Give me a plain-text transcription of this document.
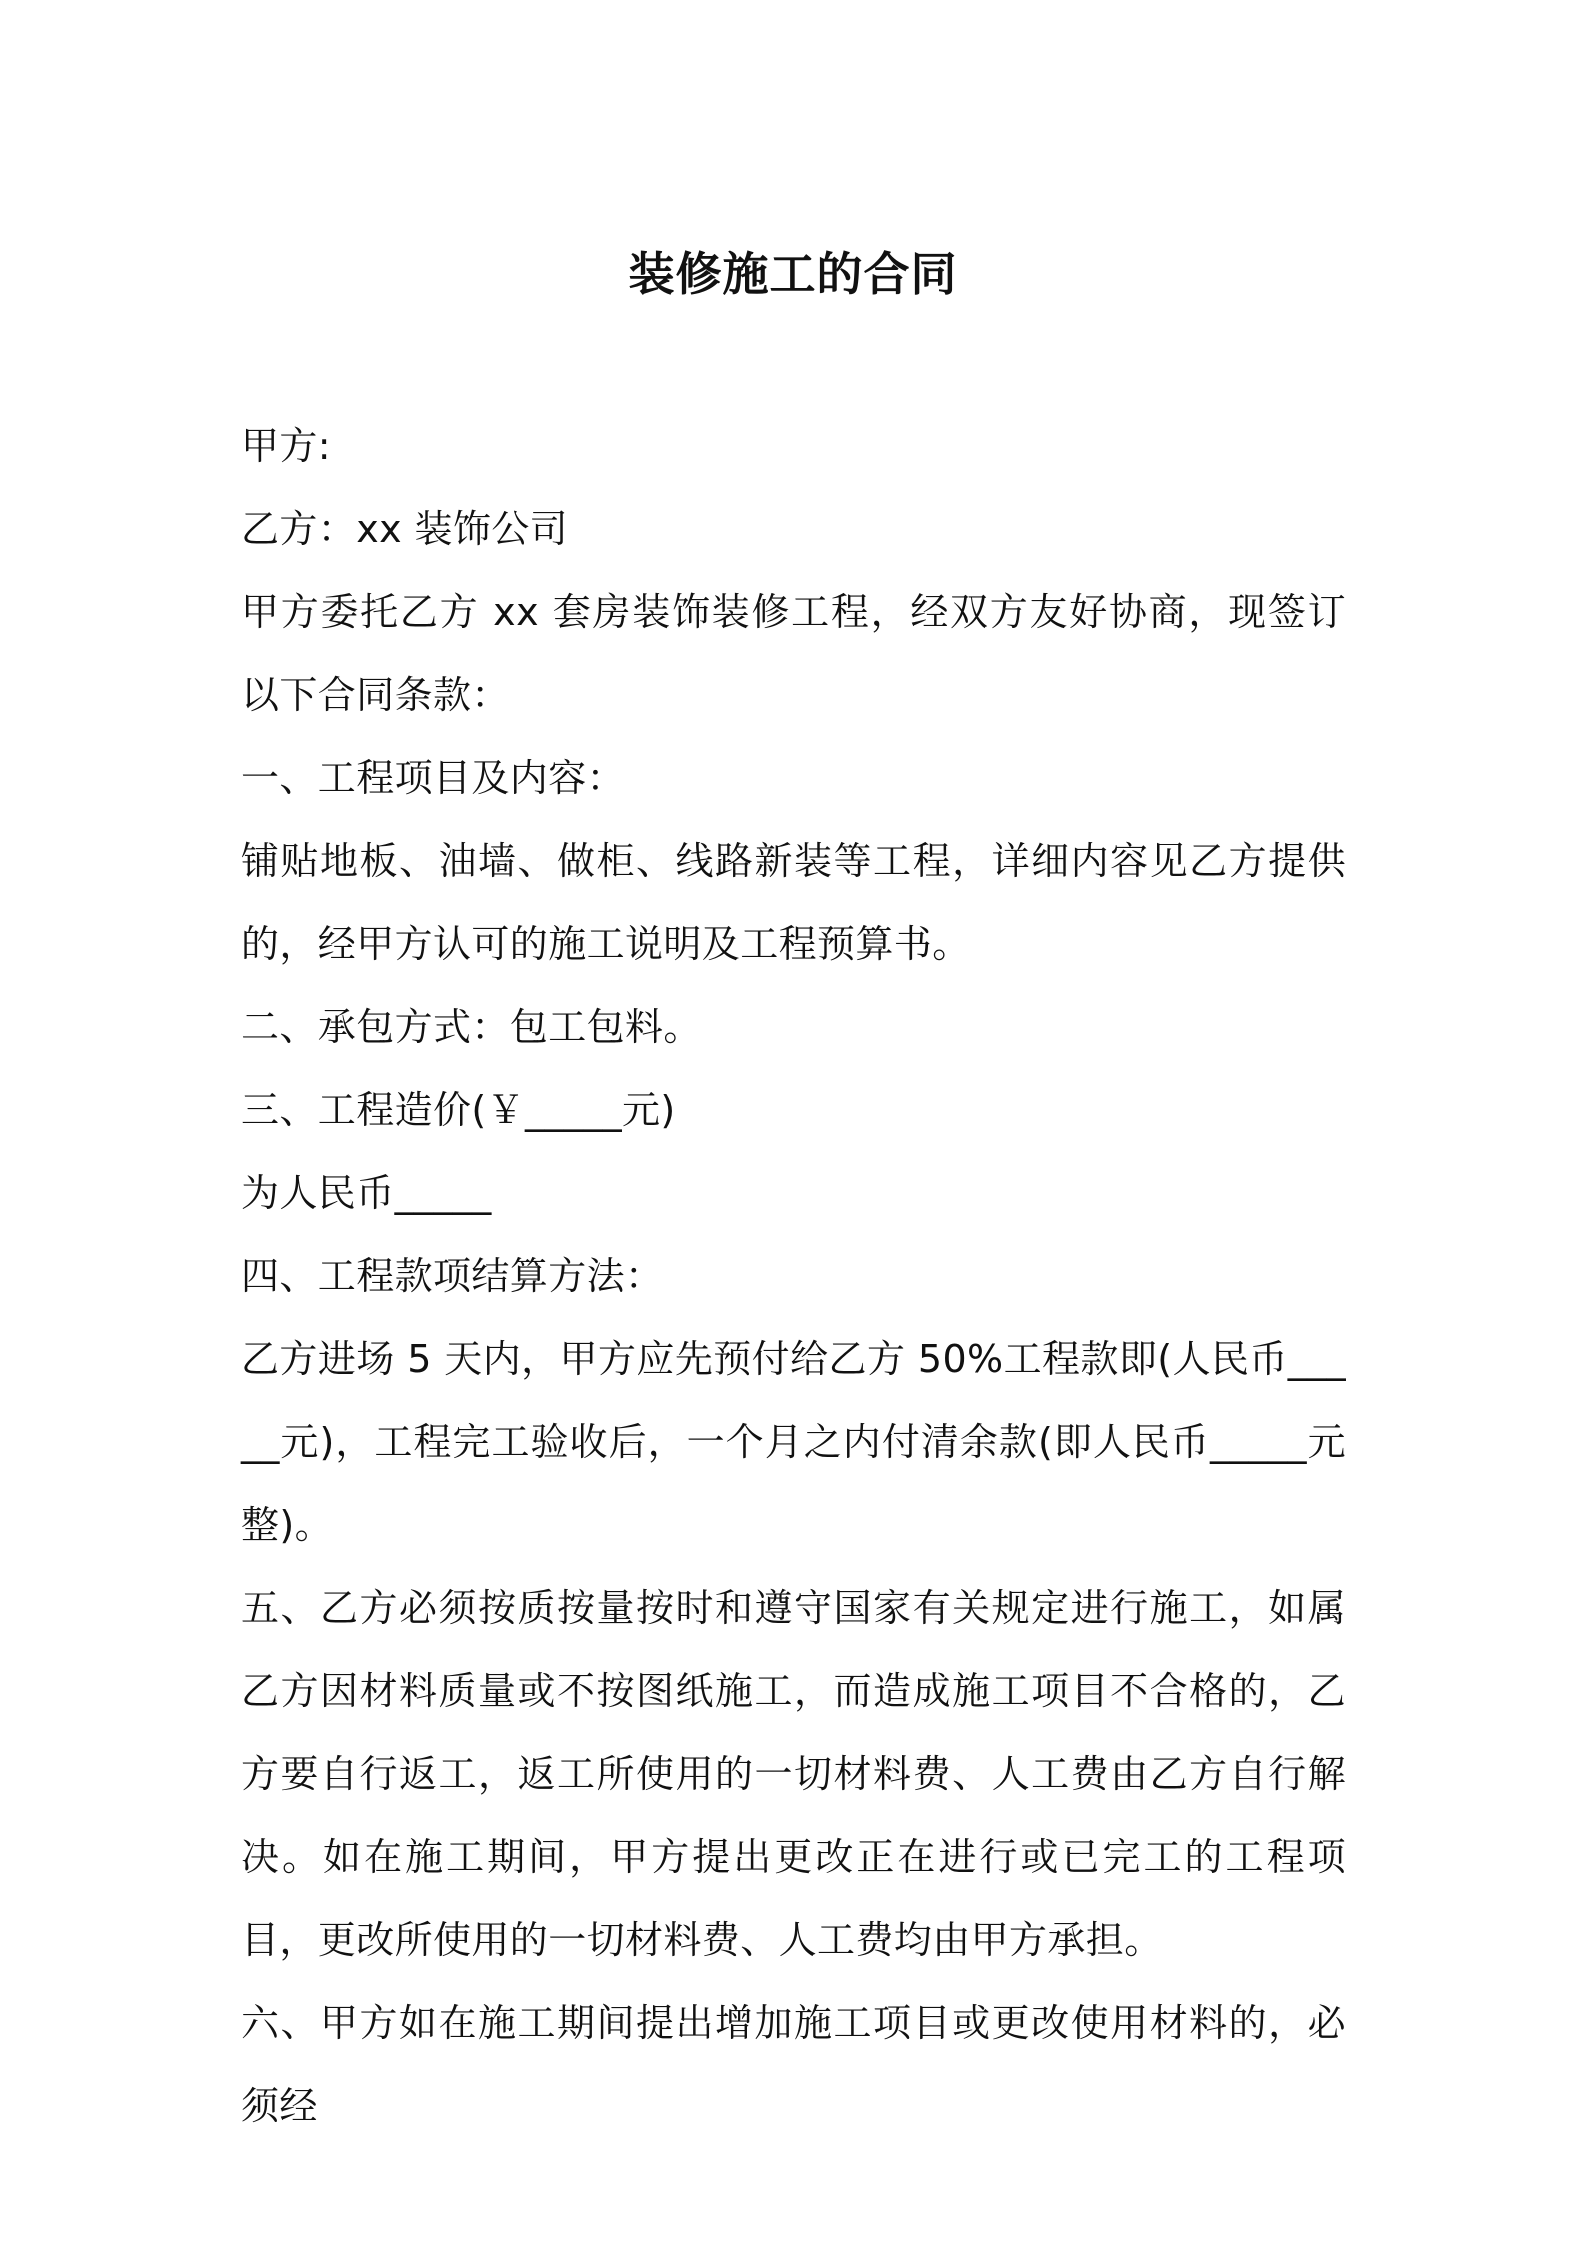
装修施工的合同

甲方:

乙方：xx 装饰公司

甲方委托乙方 xx 套房装饰装修工程，经双方友好协商，现签订以下合同条款：

一、工程项目及内容：

铺贴地板、油墙、做柜、线路新装等工程，详细内容见乙方提供的，经甲方认可的施工说明及工程预算书。

二、承包方式：包工包料。

三、工程造价(￥_____元)

为人民币_____

四、工程款项结算方法：

乙方进场 5 天内，甲方应先预付给乙方 50%工程款即(人民币_____元)，工程完工验收后，一个月之内付清余款(即人民币_____元整)。

五、乙方必须按质按量按时和遵守国家有关规定进行施工，如属乙方因材料质量或不按图纸施工，而造成施工项目不合格的，乙方要自行返工，返工所使用的一切材料费、人工费由乙方自行解决。如在施工期间，甲方提出更改正在进行或已完工的工程项目，更改所使用的一切材料费、人工费均由甲方承担。

六、甲方如在施工期间提出增加施工项目或更改使用材料的，必须经
